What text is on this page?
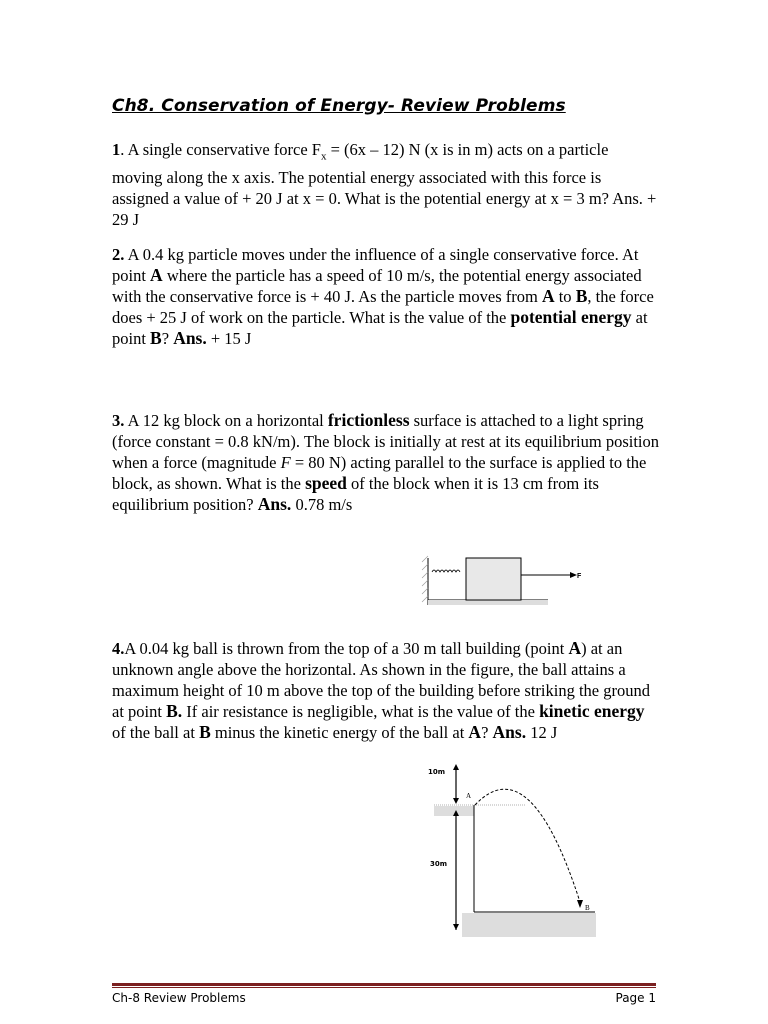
Ch8. Conservation of Energy- Review Problems
1. A single conservative force $F_x = (6x - 12)$ N (x is in m) acts on a particle moving along the x axis. The potential energy associated with this force is assigned a value of + 20 J at x = 0. What is the potential energy at x = 3 m? Ans. + 29 J
2. A 0.4 kg particle moves under the influence of a single conservative force. At point A where the particle has a speed of 10 m/s, the potential energy associated with the conservative force is + 40 J. As the particle moves from A to B, the force does + 25 J of work on the particle. What is the value of the potential energy at point B? Ans. + 15 J
3. A 12 kg block on a horizontal frictionless surface is attached to a light spring (force constant = 0.8 kN/m). The block is initially at rest at its equilibrium position when a force (magnitude F = 80 N) acting parallel to the surface is applied to the block, as shown. What is the speed of the block when it is 13 cm from its equilibrium position? Ans. 0.78 m/s
F
4.A 0.04 kg ball is thrown from the top of a 30 m tall building (point A) at an unknown angle above the horizontal. As shown in the figure, the ball attains a maximum height of 10 m above the top of the building before striking the ground at point B. If air resistance is negligible, what is the value of the kinetic energy of the ball at B minus the kinetic energy of the ball at A? Ans. 12 J
10m
30m
A
B
Ch-8 Review Problems	Page 1
